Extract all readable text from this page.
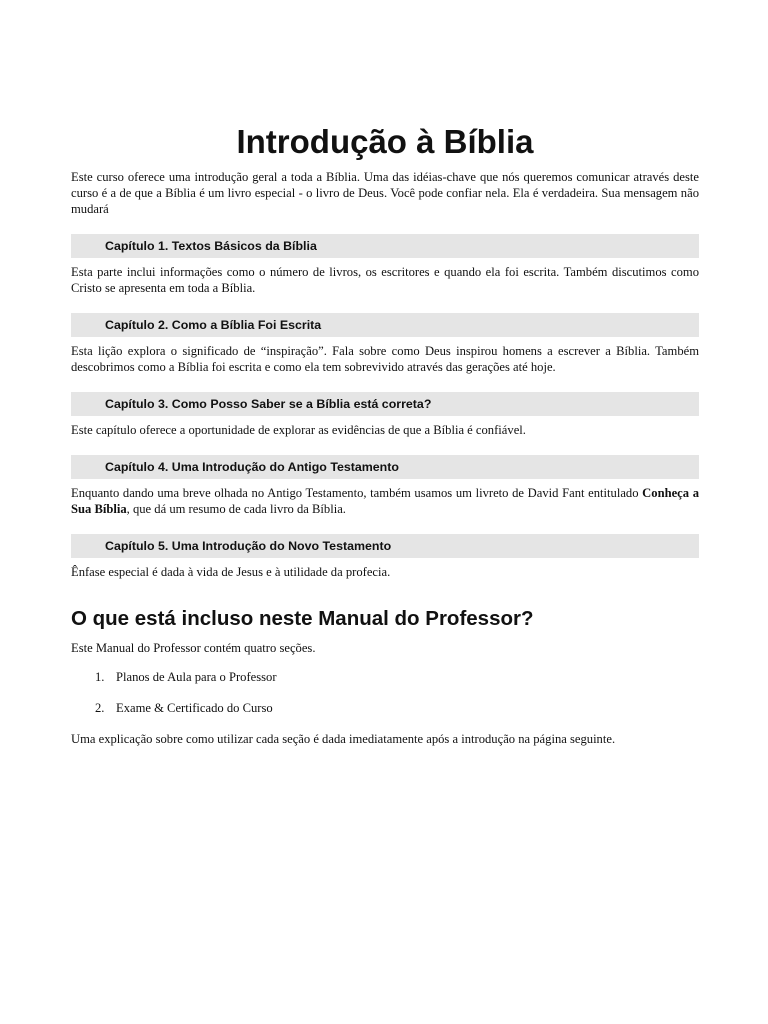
Introdução à Bíblia

Este curso oferece uma introdução geral a toda a Bíblia. Uma das idéias-chave que nós queremos comunicar através deste curso é a de que a Bíblia é um livro especial - o livro de Deus. Você pode confiar nela. Ela é verdadeira. Sua mensagem não mudará

Capítulo 1. Textos Básicos da Bíblia

Esta parte inclui informações como o número de livros, os escritores e quando ela foi escrita. Também discutimos como Cristo se apresenta em toda a Bíblia.

Capítulo 2. Como a Bíblia Foi Escrita

Esta lição explora o significado de “inspiração”. Fala sobre como Deus inspirou homens a escrever a Bíblia. Também descobrimos como a Bíblia foi escrita e como ela tem sobrevivido através das gerações até hoje.

Capítulo 3. Como Posso Saber se a Bíblia está correta?

Este capítulo oferece a oportunidade de explorar as evidências de que a Bíblia é confiável.

Capítulo 4. Uma Introdução do Antigo Testamento

Enquanto dando uma breve olhada no Antigo Testamento, também usamos um livreto de David Fant entitulado Conheça a Sua Bíblia, que dá um resumo de cada livro da Bíblia.

Capítulo 5. Uma Introdução do Novo Testamento

Ênfase especial é dada à vida de Jesus e à utilidade da profecia.

O que está incluso neste Manual do Professor?

Este Manual do Professor contém quatro seções.

1. Planos de Aula para o Professor
2. Exame & Certificado do Curso

Uma explicação sobre como utilizar cada seção é dada imediatamente após a introdução na página seguinte.
